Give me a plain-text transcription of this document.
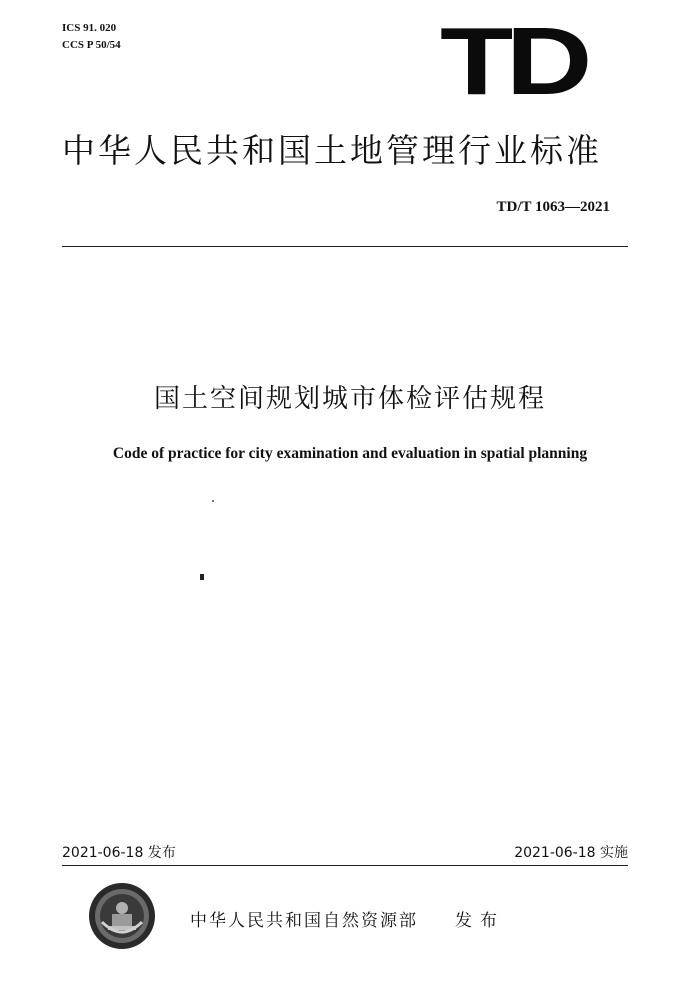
ICS 91. 020
CCS P 50/54	TD
中华人民共和国土地管理行业标准
TD/T 1063—2021
国土空间规划城市体检评估规程
Code of practice for city examination and evaluation in spatial planning
2021-06-18 发布	2021-06-18 实施
中华人民共和国自然资源部 发布
